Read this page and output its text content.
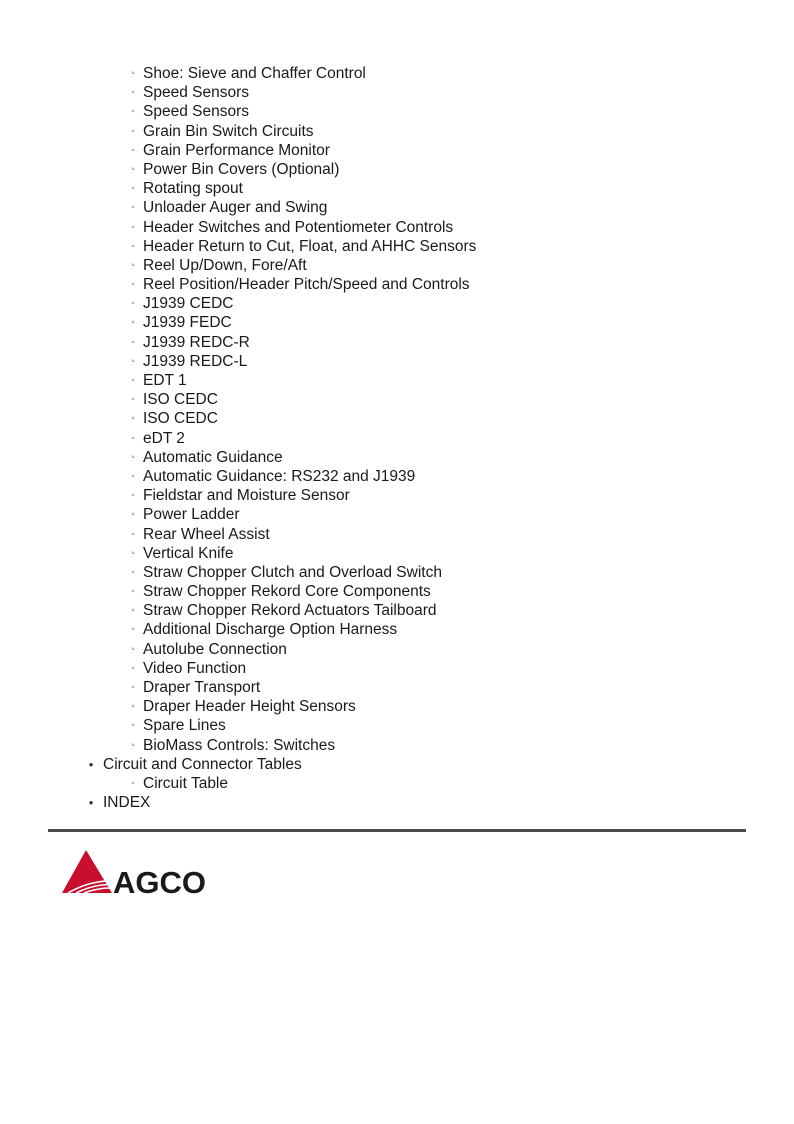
◦ Shoe: Sieve and Chaffer Control
◦ Speed Sensors
◦ Speed Sensors
◦ Grain Bin Switch Circuits
◦ Grain Performance Monitor
◦ Power Bin Covers (Optional)
◦ Rotating spout
◦ Unloader Auger and Swing
◦ Header Switches and Potentiometer Controls
◦ Header Return to Cut, Float, and AHHC Sensors
◦ Reel Up/Down, Fore/Aft
◦ Reel Position/Header Pitch/Speed and Controls
◦ J1939 CEDC
◦ J1939 FEDC
◦ J1939 REDC-R
◦ J1939 REDC-L
◦ EDT 1
◦ ISO CEDC
◦ ISO CEDC
◦ eDT 2
◦ Automatic Guidance
◦ Automatic Guidance: RS232 and J1939
◦ Fieldstar and Moisture Sensor
◦ Power Ladder
◦ Rear Wheel Assist
◦ Vertical Knife
◦ Straw Chopper Clutch and Overload Switch
◦ Straw Chopper Rekord Core Components
◦ Straw Chopper Rekord Actuators Tailboard
◦ Additional Discharge Option Harness
◦ Autolube Connection
◦ Video Function
◦ Draper Transport
◦ Draper Header Height Sensors
◦ Spare Lines
◦ BioMass Controls: Switches
• Circuit and Connector Tables
◦ Circuit Table
• INDEX
AGCO
